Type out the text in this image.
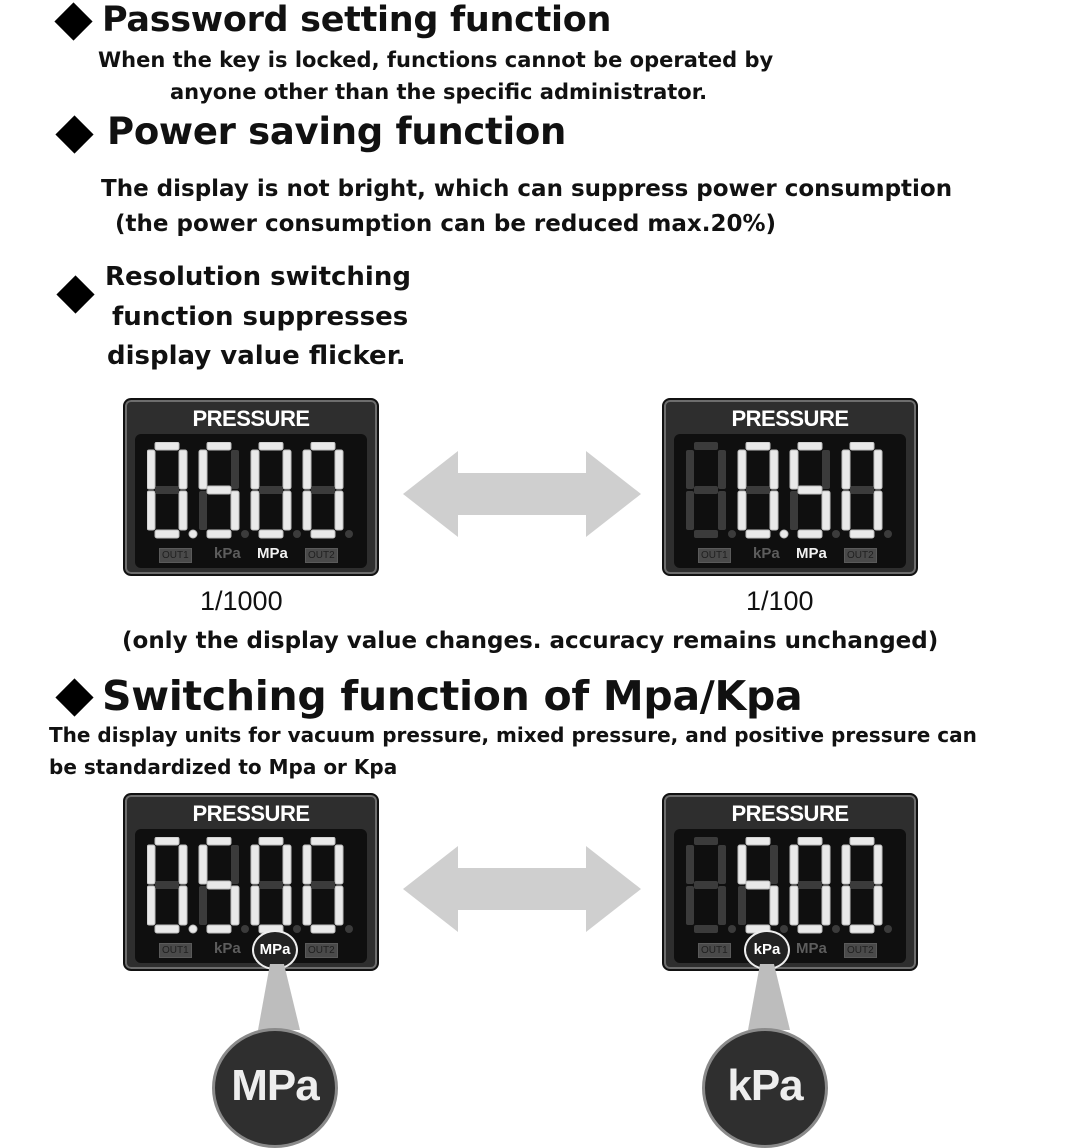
Password setting function
When the key is locked, functions cannot be operated by
anyone other than the specific administrator.
Power saving function
The display is not bright, which can suppress power consumption
(the power consumption can be reduced max.20%)
Resolution switching
function suppresses
display value flicker.
PRESSURE
OUT1 kPa MPa	OUT2
PRESSURE
OUT1 kPa MPa	OUT2
1/1000	1/100
(only the display value changes. accuracy remains unchanged)
Switching function of Mpa/Kpa
The display units for vacuum pressure, mixed pressure, and positive pressure can
be standardized to Mpa or Kpa
PRESSURE
OUT1 kPa	MPa	OUT2
PRESSURE
OUT1	kPa	MPa	OUT2
MPa	kPa
